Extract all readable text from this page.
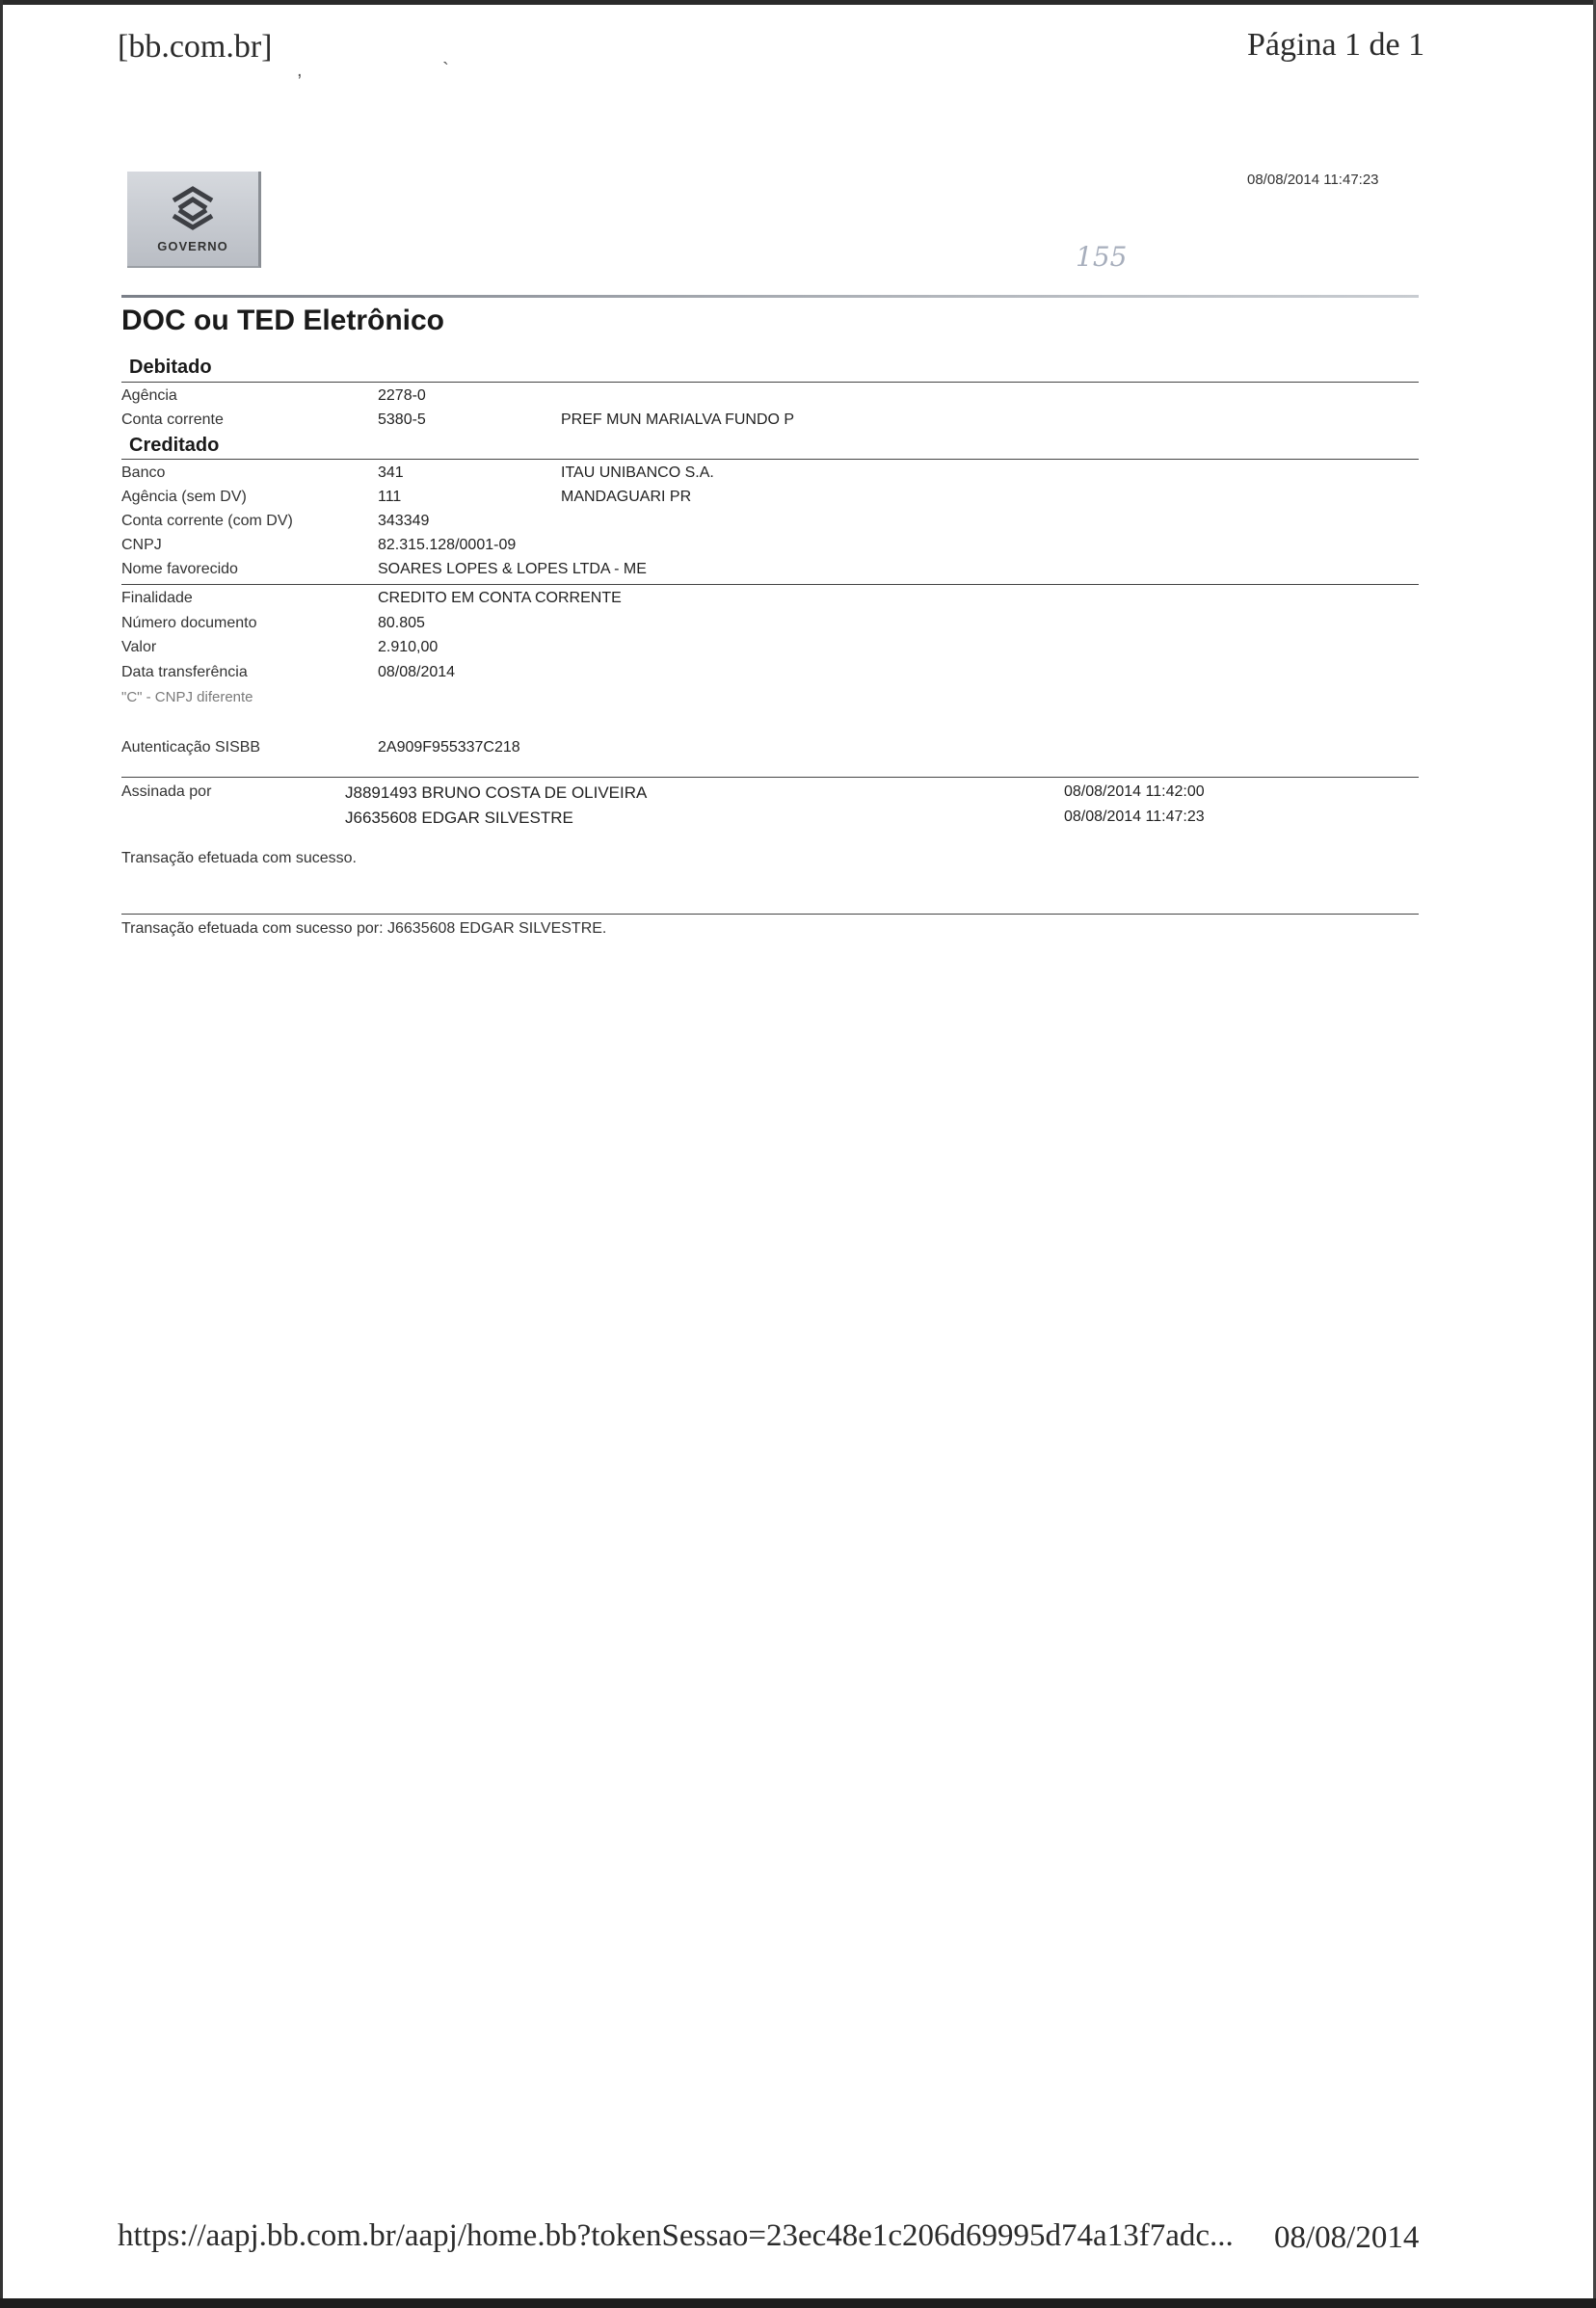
[bb.com.br]	Página 1 de 1
, `
GOVERNO
08/08/2014 11:47:23
155
DOC ou TED Eletrônico
Debitado
Agência	2278-0
Conta corrente	5380-5	PREF MUN MARIALVA FUNDO P
Creditado
Banco	341	ITAU UNIBANCO S.A.
Agência (sem DV)	111	MANDAGUARI PR
Conta corrente (com DV)	343349
CNPJ	82.315.128/0001-09
Nome favorecido	SOARES LOPES & LOPES LTDA - ME
Finalidade	CREDITO EM CONTA CORRENTE
Número documento	80.805
Valor	2.910,00
Data transferência	08/08/2014
"C" - CNPJ diferente
Autenticação SISBB	2A909F955337C218
Assinada por	J8891493 BRUNO COSTA DE OLIVEIRA	08/08/2014 11:42:00
J6635608 EDGAR SILVESTRE	08/08/2014 11:47:23
Transação efetuada com sucesso.
Transação efetuada com sucesso por: J6635608 EDGAR SILVESTRE.
https://aapj.bb.com.br/aapj/home.bb?tokenSessao=23ec48e1c206d69995d74a13f7adc... 08/08/2014
